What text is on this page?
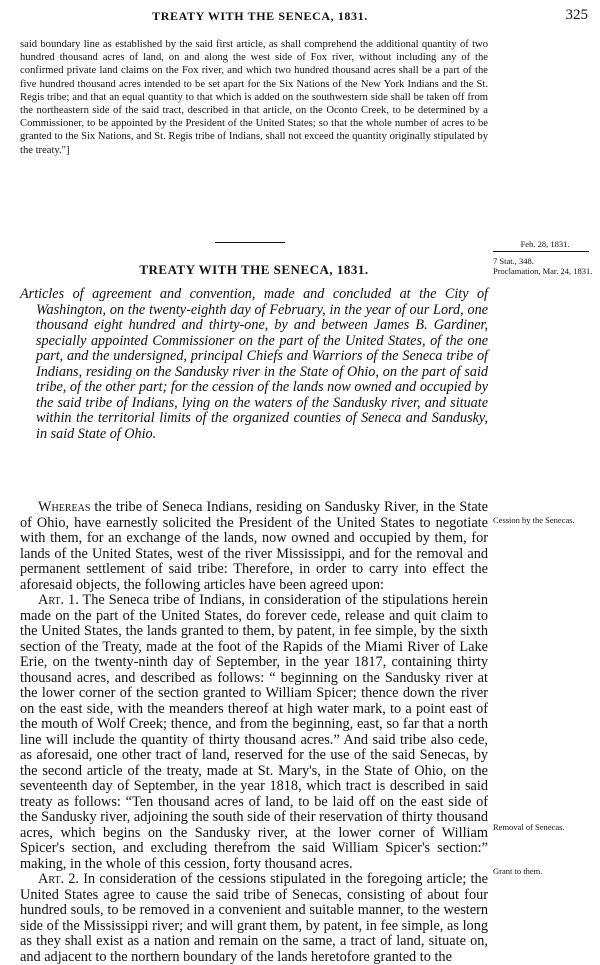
TREATY WITH THE SENECA, 1831.	325

said boundary line as established by the said first article, as shall comprehend the additional quantity of two hundred thousand acres of land, on and along the west side of Fox river, without including any of the confirmed private land claims on the Fox river, and which two hundred thousand acres shall be a part of the five hundred thousand acres intended to be set apart for the Six Nations of the New York Indians and the St. Regis tribe; and that an equal quantity to that which is added on the southwestern side shall be taken off from the northeastern side of the said tract, described in that article, on the Oconto Creek, to be determined by a Commissioner, to be appointed by the President of the United States; so that the whole number of acres to be granted to the Six Nations, and St. Regis tribe of Indians, shall not exceed the quantity originally stipulated by the treaty."]

TREATY WITH THE SENECA, 1831.

Articles of agreement and convention, made and concluded at the City of Washington, on the twenty-eighth day of February, in the year of our Lord, one thousand eight hundred and thirty-one, by and between James B. Gardiner, specially appointed Commissioner on the part of the United States, of the one part, and the undersigned, principal Chiefs and Warriors of the Seneca tribe of Indians, residing on the Sandusky river in the State of Ohio, on the part of said tribe, of the other part; for the cession of the lands now owned and occupied by the said tribe of Indians, lying on the waters of the Sandusky river, and situate within the territorial limits of the organized counties of Seneca and Sandusky, in said State of Ohio.

Whereas the tribe of Seneca Indians, residing on Sandusky River, in the State of Ohio, have earnestly solicited the President of the United States to negotiate with them, for an exchange of the lands, now owned and occupied by them, for lands of the United States, west of the river Mississippi, and for the removal and permanent settlement of said tribe: Therefore, in order to carry into effect the aforesaid objects, the following articles have been agreed upon:

Art. 1. The Seneca tribe of Indians, in consideration of the stipulations herein made on the part of the United States, do forever cede, release and quit claim to the United States, the lands granted to them, by patent, in fee simple, by the sixth section of the Treaty, made at the foot of the Rapids of the Miami River of Lake Erie, on the twenty-ninth day of September, in the year 1817, containing thirty thousand acres, and described as follows: “ beginning on the Sandusky river at the lower corner of the section granted to William Spicer; thence down the river on the east side, with the meanders thereof at high water mark, to a point east of the mouth of Wolf Creek; thence, and from the beginning, east, so far that a north line will include the quantity of thirty thousand acres.” And said tribe also cede, as aforesaid, one other tract of land, reserved for the use of the said Senecas, by the second article of the treaty, made at St. Mary's, in the State of Ohio, on the seventeenth day of September, in the year 1818, which tract is described in said treaty as follows: “Ten thousand acres of land, to be laid off on the east side of the Sandusky river, adjoining the south side of their reservation of thirty thousand acres, which begins on the Sandusky river, at the lower corner of William Spicer's section, and excluding therefrom the said William Spicer's section:” making, in the whole of this cession, forty thousand acres.

Art. 2. In consideration of the cessions stipulated in the foregoing article; the United States agree to cause the said tribe of Senecas, consisting of about four hundred souls, to be removed in a convenient and suitable manner, to the western side of the Mississippi river; and will grant them, by patent, in fee simple, as long as they shall exist as a nation and remain on the same, a tract of land, situate on, and adjacent to the northern boundary of the lands heretofore granted to the

Feb. 28, 1831.
7 Stat., 348.
Proclamation, Mar. 24, 1831.
Cession by the Senecas.
Removal of Senecas.
Grant to them.
